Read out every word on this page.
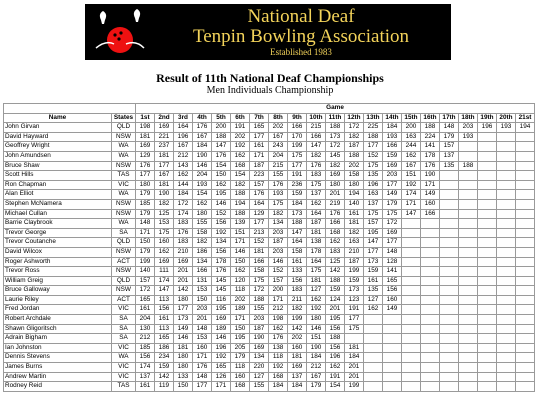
National Deaf
Tenpin Bowling Association
Established 1983
Result of 11th National Deaf Championships
Men Individuals Championship
		Game																				
Name	States	1st	2nd	3rd	4th	5th	6th	7th	8th	9th	10th	11th	12th	13th	14th	15th	16th	17th	18th	19th	20th	21st
John Girvan	QLD	198	169	164	176	200	191	165	202	166	215	188	172	225	184	200	188	148	203	196	193	194
David Hayward	NSW	181	221	196	167	188	202	177	167	170	166	173	182	188	193	163	224	179	193			
Geoffrey Wright	WA	169	237	167	184	147	192	161	243	199	147	172	187	177	166	244	141	157				
John Amundsen	WA	129	181	212	190	176	162	171	204	175	182	145	188	152	159	162	178	137				
Bruce Shaw	NSW	176	177	143	146	154	168	187	215	177	176	182	202	175	169	167	176	135	188			
Scott Hills	TAS	177	167	162	204	150	154	223	155	191	183	169	158	135	203	151	190					
Ron Chapman	VIC	180	181	144	193	162	182	157	176	236	175	180	180	196	177	192	171					
Alan Elliot	WA	179	190	184	154	195	188	176	193	159	137	201	194	163	149	174	149					
Stephen McNamera	NSW	185	182	172	162	146	194	164	175	184	162	219	140	137	179	171	160					
Michael Cullan	NSW	179	125	174	180	152	188	129	182	173	164	176	161	175	175	147	166					
Barrie Claybrook	WA	148	153	183	155	156	139	177	134	188	187	166	181	157	172							
Trevor George	SA	171	175	176	158	192	151	213	203	147	181	168	182	195	169							
Trevor Coutanche	QLD	150	160	183	182	134	171	152	187	164	138	162	163	147	177							
David Wilcox	NSW	179	162	210	186	156	146	181	203	158	178	183	210	177	148							
Roger Ashworth	ACT	199	169	169	134	178	150	166	146	161	164	125	187	173	128							
Trevor Ross	NSW	140	111	201	166	176	162	158	152	133	175	142	199	159	141							
William Greig	QLD	157	174	201	131	145	120	175	157	156	181	188	159	161	165							
Bruce Galloway	NSW	172	147	142	153	145	118	172	200	183	127	159	173	135	156							
Laurie Riley	ACT	165	113	180	150	116	202	188	171	211	162	124	123	127	160							
Fred Jordan	VIC	161	156	177	203	195	189	155	212	182	192	201	191	162	149							
Robert Archdale	SA	204	161	173	201	169	171	203	198	199	180	195	177									
Shawn Gligoritsch	SA	130	113	149	148	189	150	187	162	142	146	156	175									
Adrain Bigham	SA	212	165	146	153	146	195	190	176	202	151	188										
Ian Johnston	VIC	185	186	181	160	196	205	169	138	160	190	156	181									
Dennis Stevens	WA	156	234	180	171	192	179	134	118	181	184	196	184									
James Burns	VIC	174	159	180	176	165	118	220	192	169	212	162	201									
Andrew Martin	VIC	137	142	133	148	126	160	127	168	137	167	191	201									
Rodney Reid	TAS	161	119	150	177	171	168	155	184	184	179	154	199									
